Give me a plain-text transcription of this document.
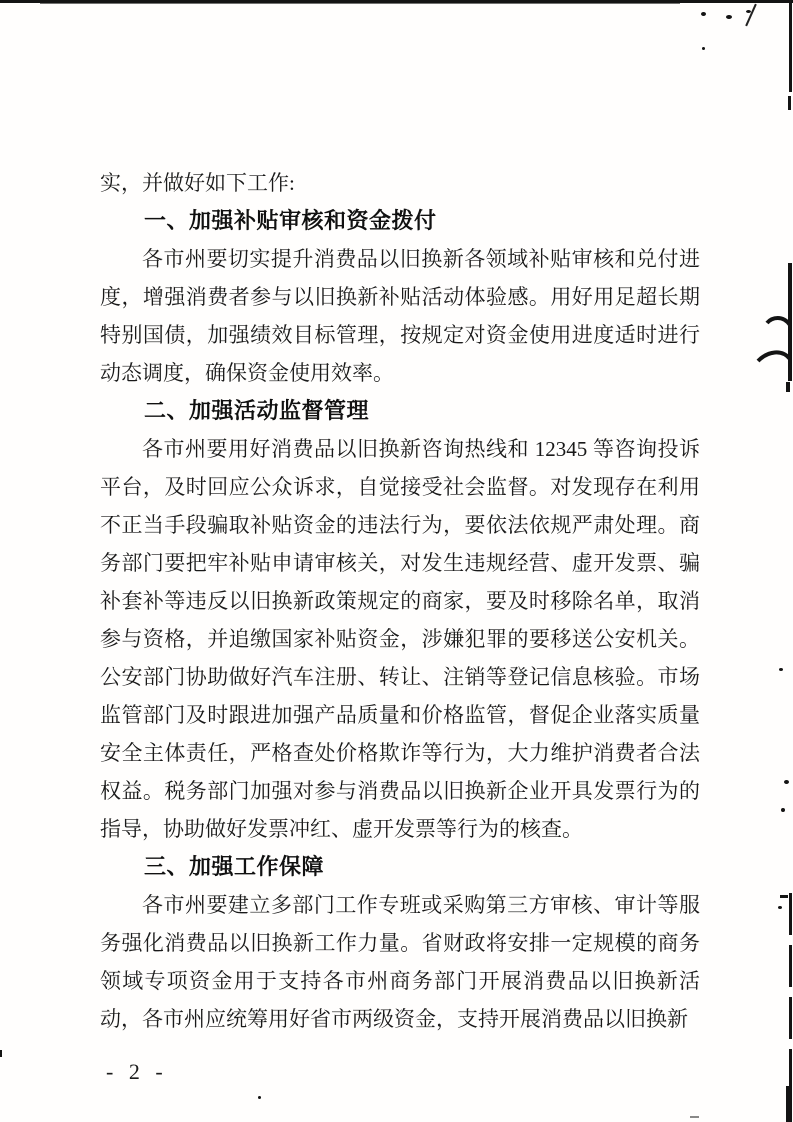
实，并做好如下工作:

一、加强补贴审核和资金拨付

各市州要切实提升消费品以旧换新各领域补贴审核和兑付进度，增强消费者参与以旧换新补贴活动体验感。用好用足超长期特别国债，加强绩效目标管理，按规定对资金使用进度适时进行动态调度，确保资金使用效率。

二、加强活动监督管理

各市州要用好消费品以旧换新咨询热线和 12345 等咨询投诉平台，及时回应公众诉求，自觉接受社会监督。对发现存在利用不正当手段骗取补贴资金的违法行为，要依法依规严肃处理。商务部门要把牢补贴申请审核关，对发生违规经营、虚开发票、骗补套补等违反以旧换新政策规定的商家，要及时移除名单，取消参与资格，并追缴国家补贴资金，涉嫌犯罪的要移送公安机关。公安部门协助做好汽车注册、转让、注销等登记信息核验。市场监管部门及时跟进加强产品质量和价格监管，督促企业落实质量安全主体责任，严格查处价格欺诈等行为，大力维护消费者合法权益。税务部门加强对参与消费品以旧换新企业开具发票行为的指导，协助做好发票冲红、虚开发票等行为的核查。

三、加强工作保障

各市州要建立多部门工作专班或采购第三方审核、审计等服务强化消费品以旧换新工作力量。省财政将安排一定规模的商务领域专项资金用于支持各市州商务部门开展消费品以旧换新活动，各市州应统筹用好省市两级资金，支持开展消费品以旧换新

- 2 -
